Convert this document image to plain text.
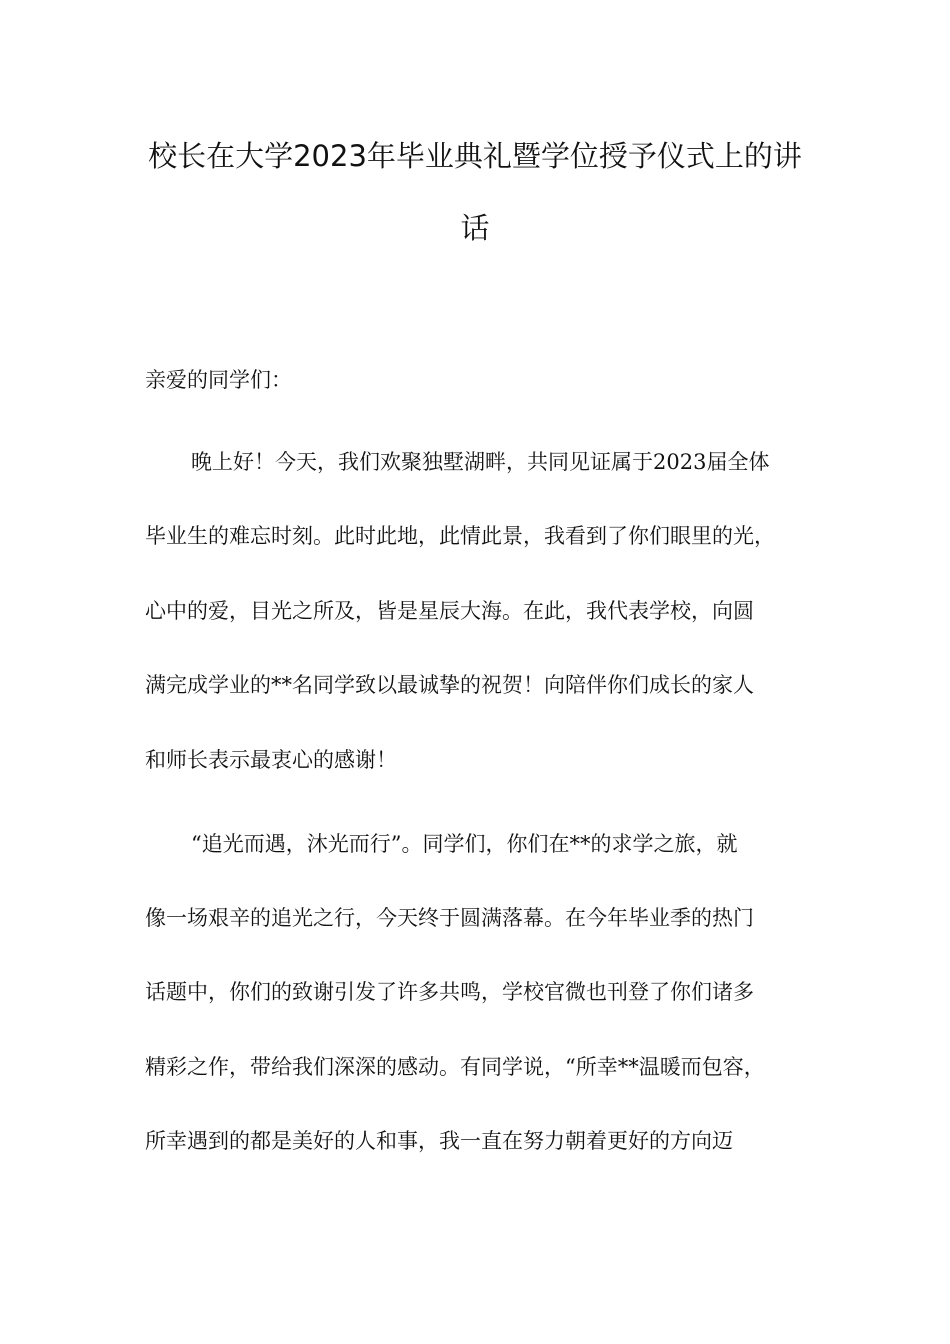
校长在大学2023年毕业典礼暨学位授予仪式上的讲
话
亲爱的同学们：
晚上好！今天，我们欢聚独墅湖畔，共同见证属于2023届全体
毕业生的难忘时刻。此时此地，此情此景，我看到了你们眼里的光，
心中的爱，目光之所及，皆是星辰大海。在此，我代表学校，向圆
满完成学业的**名同学致以最诚挚的祝贺！向陪伴你们成长的家人
和师长表示最衷心的感谢！
“追光而遇，沐光而行”。同学们，你们在**的求学之旅，就
像一场艰辛的追光之行，今天终于圆满落幕。在今年毕业季的热门
话题中，你们的致谢引发了许多共鸣，学校官微也刊登了你们诸多
精彩之作，带给我们深深的感动。有同学说，“所幸**温暖而包容，
所幸遇到的都是美好的人和事，我一直在努力朝着更好的方向迈
